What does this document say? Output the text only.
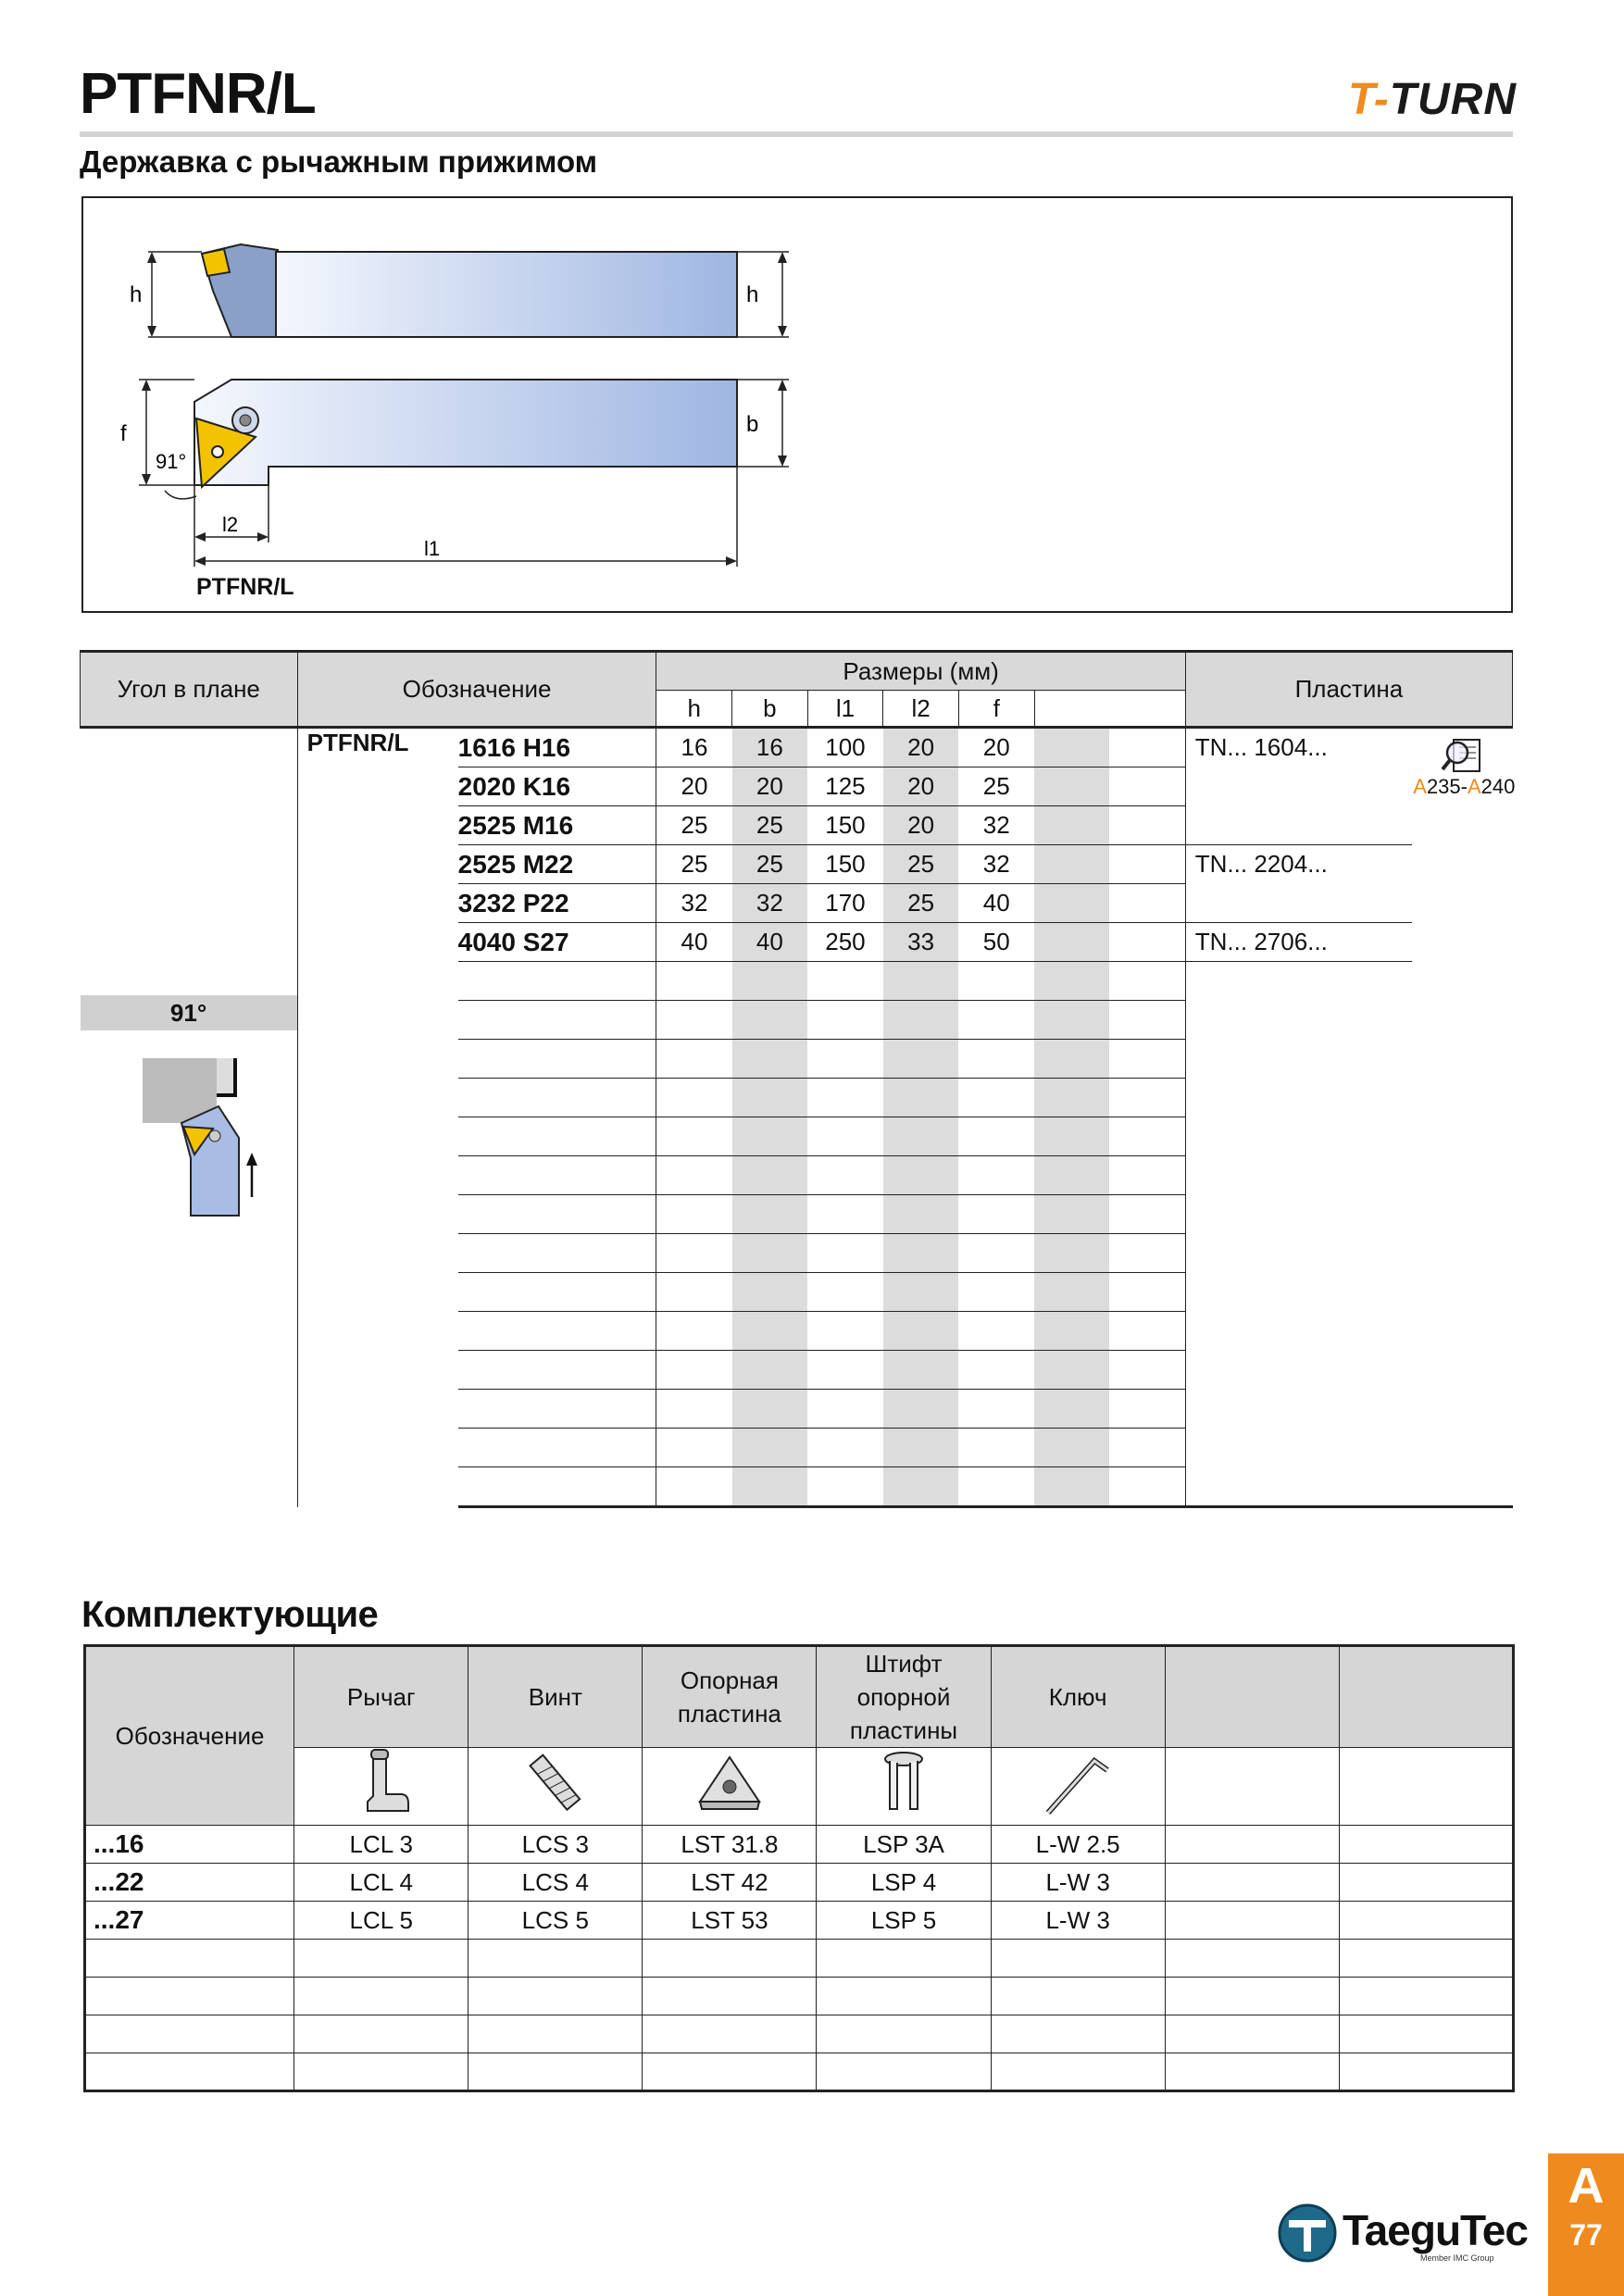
PTFNR/L	T-TURN
Державка с рычажным прижимом
h	h
f
91°
b
l2
l1
PTFNR/L
Угол в плане	Обозначение		Размеры (мм)						Пластина	
			h	b	l1	l2	f			

91°	PTFNR/L	1616 H16	16	16	100	20	20		TN... 1604...	A235-A240

		2020 K16	20	20	125	20	25		

		2525 M16	25	25	150	20	32	

		2525 M22	25	25	150	25	32		TN... 2204...	
		3232 P22	32	32	170	25	40	

		4040 S27	40	40	250	33	50		TN... 2706...	

Комплектующие
Обозначение	Рычаг	Винт	Опорная пластина	Штифт опорной пластины	Ключ		

...16	LCL 3	LCS 3	LST 31.8	LSP 3A	L-W 2.5		
...22	LCL 4	LCS 4	LST 42	LSP 4	L-W 3		
...27	LCL 5	LCS 5	LST 53	LSP 5	L-W 3		

TaeguTec
Member IMC Group
A
77
